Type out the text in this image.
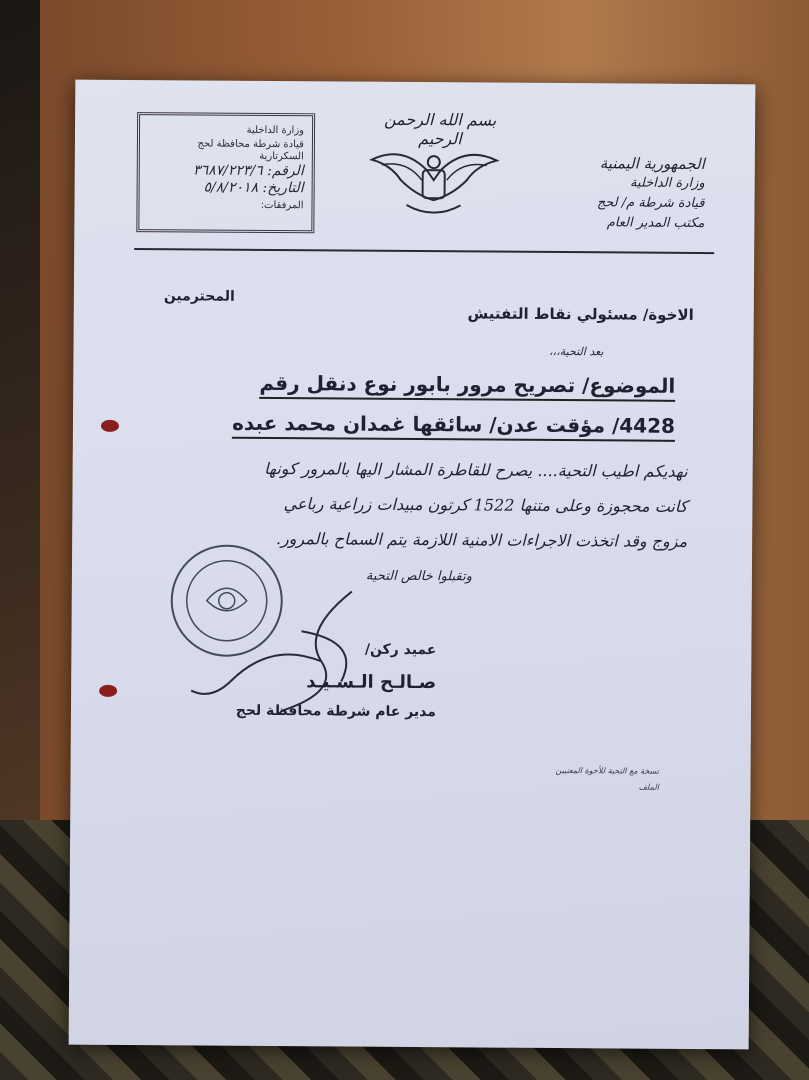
وزارة الداخلية
قيادة شرطة محافظة لحج
السكرتارية
الرقم: ٣٦٨٧/٢٢٣/٦
التاريخ: ٥/٨/٢٠١٨
المرفقات:
بسم الله الرحمن الرحيم
الجمهورية اليمنية
وزارة الداخلية
قيادة شرطة م/ لحج
مكتب المدير العام
الاخوة/ مسئولي نقاط التفتيش
المحترمين
بعد التحية،،،
الموضوع/ تصريح مرور بابور نوع دنقل رقم
4428/ مؤقت عدن/ سائقها غمدان محمد عبده
نهديكم اطيب التحية.... يصرح للقاطرة المشار اليها بالمرور كونها
كانت محجوزة وعلى متنها 1522 كرتون مبيدات زراعية رباعي
مزوج وقد اتخذت الاجراءات الامنية اللازمة يتم السماح بالمرور.
وتقبلوا خالص التحية
عميد ركن/
صـالـح الـسـيـد
مدير عام شرطة محافظة لحج
نسخة مع التحية للأخوة المعنيين
الملف
